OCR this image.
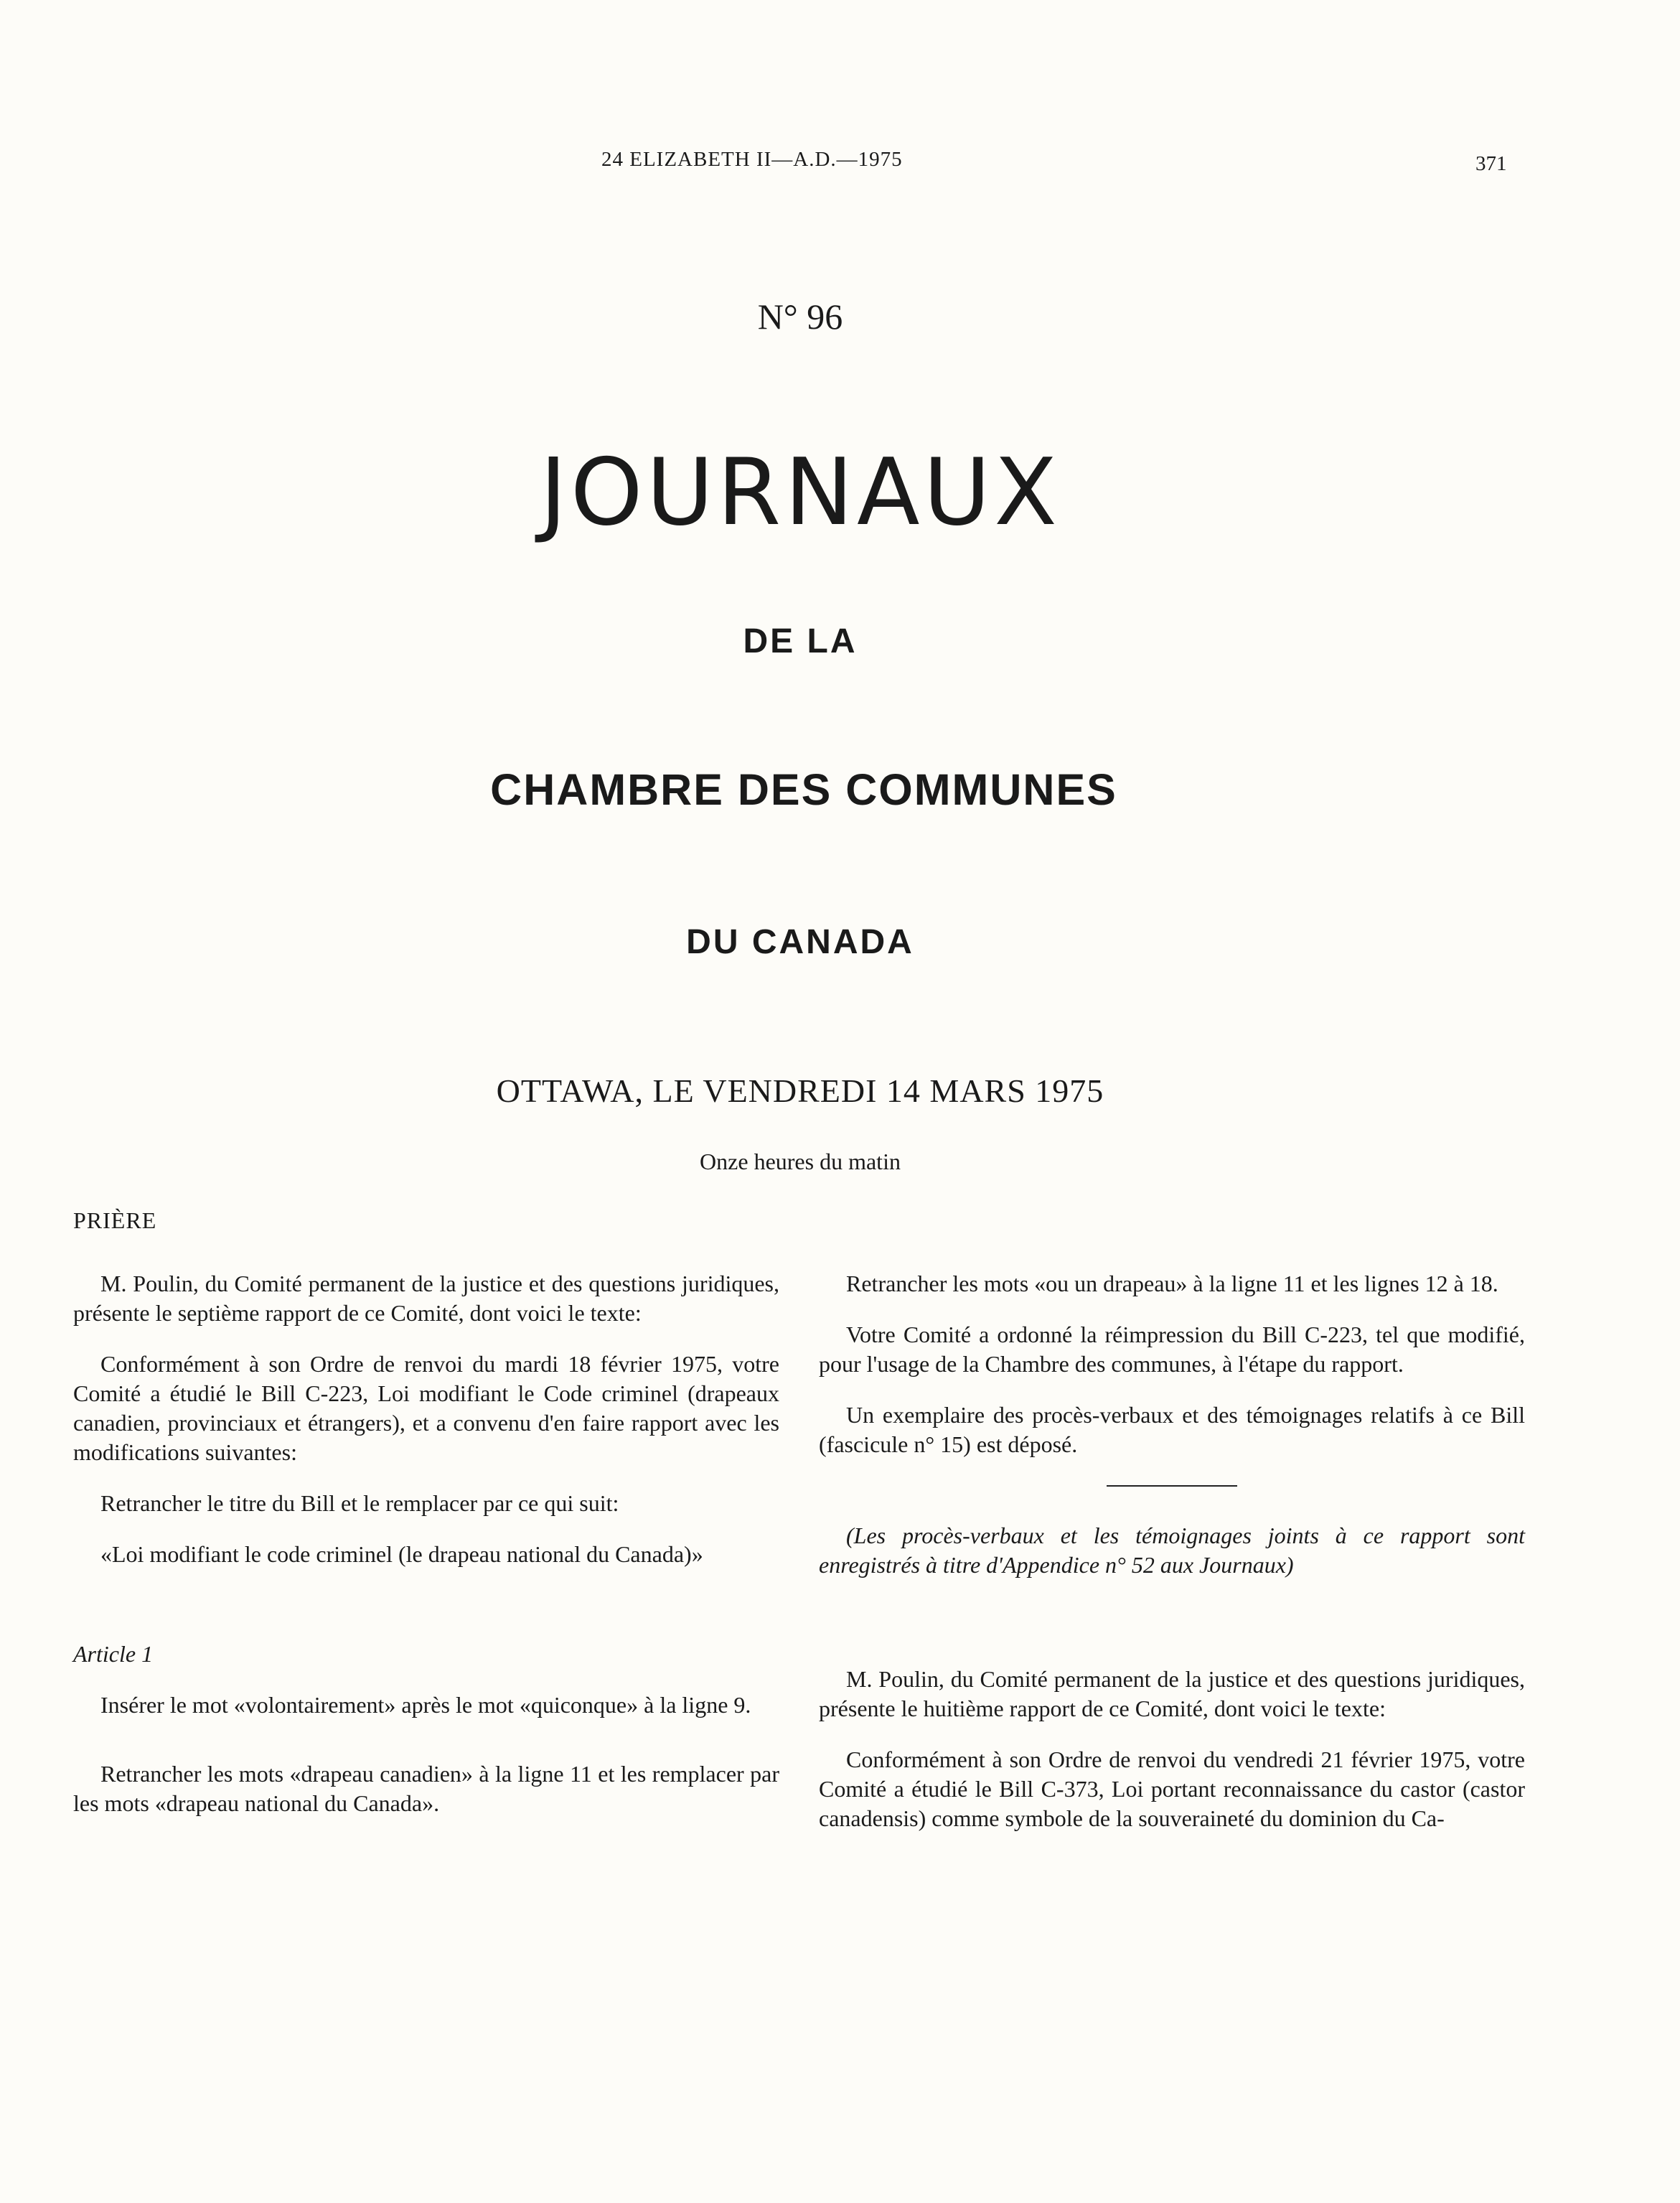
24 ELIZABETH II—A.D.—1975	371
N° 96
JOURNAUX
DE LA
CHAMBRE DES COMMUNES
DU CANADA
OTTAWA, LE VENDREDI 14 MARS 1975
Onze heures du matin
PRIÈRE

M. Poulin, du Comité permanent de la justice et des questions juridiques, présente le septième rapport de ce Comité, dont voici le texte:

Conformément à son Ordre de renvoi du mardi 18 février 1975, votre Comité a étudié le Bill C-223, Loi modifiant le Code criminel (drapeaux canadien, provinciaux et étrangers), et a convenu d'en faire rapport avec les modifications suivantes:

Retrancher le titre du Bill et le remplacer par ce qui suit:

«Loi modifiant le code criminel (le drapeau national du Canada)»

Article 1

Insérer le mot «volontairement» après le mot «quiconque» à la ligne 9.

Retrancher les mots «drapeau canadien» à la ligne 11 et les remplacer par les mots «drapeau national du Canada».

Retrancher les mots «ou un drapeau» à la ligne 11 et les lignes 12 à 18.

Votre Comité a ordonné la réimpression du Bill C-223, tel que modifié, pour l'usage de la Chambre des communes, à l'étape du rapport.

Un exemplaire des procès-verbaux et des témoignages relatifs à ce Bill (fascicule n° 15) est déposé.

(Les procès-verbaux et les témoignages joints à ce rapport sont enregistrés à titre d'Appendice n° 52 aux Journaux)

M. Poulin, du Comité permanent de la justice et des questions juridiques, présente le huitième rapport de ce Comité, dont voici le texte:

Conformément à son Ordre de renvoi du vendredi 21 février 1975, votre Comité a étudié le Bill C-373, Loi portant reconnaissance du castor (castor canadensis) comme symbole de la souveraineté du dominion du Ca-
